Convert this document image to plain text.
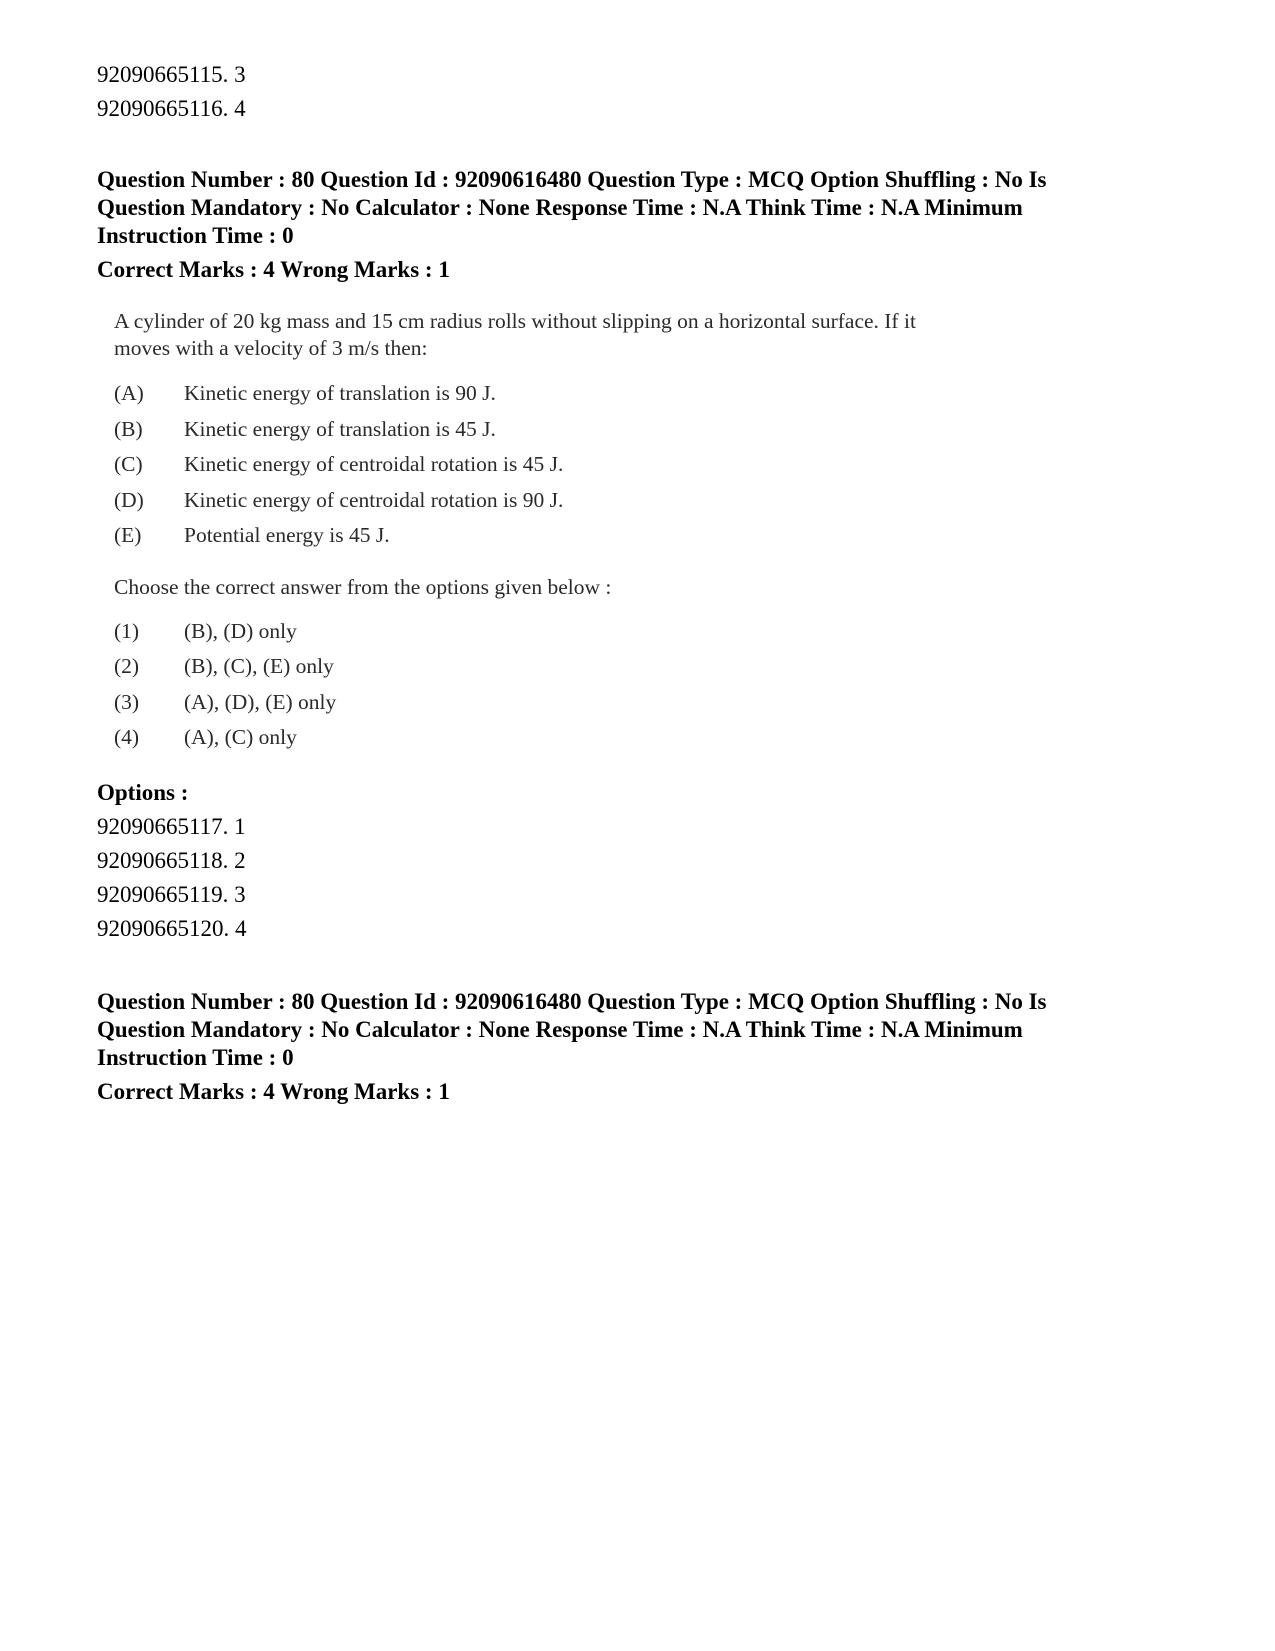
92090665115. 3

92090665116. 4

Question Number : 80 Question Id : 92090616480 Question Type : MCQ Option Shuffling : No Is

Question Mandatory : No Calculator : None Response Time : N.A Think Time : N.A Minimum

Instruction Time : 0

Correct Marks : 4 Wrong Marks : 1

A cylinder of 20 kg mass and 15 cm radius rolls without slipping on a horizontal surface. If it
moves with a velocity of 3 m/s then:

(A)	Kinetic energy of translation is 90 J.
(B)	Kinetic energy of translation is 45 J.
(C)	Kinetic energy of centroidal rotation is 45 J.
(D)	Kinetic energy of centroidal rotation is 90 J.
(E)	Potential energy is 45 J.

Choose the correct answer from the options given below :

(1)	(B), (D) only
(2)	(B), (C), (E) only
(3)	(A), (D), (E) only
(4)	(A), (C) only
Options :

92090665117. 1

92090665118. 2

92090665119. 3

92090665120. 4

Question Number : 80 Question Id : 92090616480 Question Type : MCQ Option Shuffling : No Is

Question Mandatory : No Calculator : None Response Time : N.A Think Time : N.A Minimum

Instruction Time : 0

Correct Marks : 4 Wrong Marks : 1
